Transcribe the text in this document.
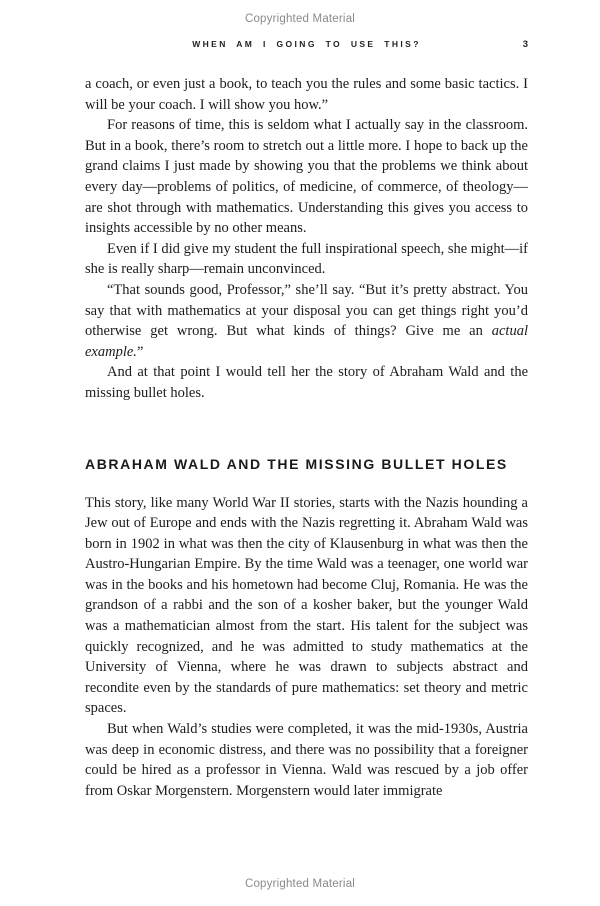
Copyrighted Material
WHEN AM I GOING TO USE THIS?	3

a coach, or even just a book, to teach you the rules and some basic tactics. I will be your coach. I will show you how.”

For reasons of time, this is seldom what I actually say in the classroom. But in a book, there’s room to stretch out a little more. I hope to back up the grand claims I just made by showing you that the problems we think about every day—problems of politics, of medicine, of commerce, of theology—are shot through with mathematics. Understanding this gives you access to insights accessible by no other means.

Even if I did give my student the full inspirational speech, she might—if she is really sharp—remain unconvinced.

“That sounds good, Professor,” she’ll say. “But it’s pretty abstract. You say that with mathematics at your disposal you can get things right you’d otherwise get wrong. But what kinds of things? Give me an actual example.”

And at that point I would tell her the story of Abraham Wald and the missing bullet holes.

ABRAHAM WALD AND THE MISSING BULLET HOLES

This story, like many World War II stories, starts with the Nazis hounding a Jew out of Europe and ends with the Nazis regretting it. Abraham Wald was born in 1902 in what was then the city of Klausenburg in what was then the Austro-Hungarian Empire. By the time Wald was a teenager, one world war was in the books and his hometown had become Cluj, Romania. He was the grandson of a rabbi and the son of a kosher baker, but the younger Wald was a mathematician almost from the start. His talent for the subject was quickly recognized, and he was admitted to study mathematics at the University of Vienna, where he was drawn to subjects abstract and recondite even by the standards of pure mathematics: set theory and metric spaces.

But when Wald’s studies were completed, it was the mid-1930s, Austria was deep in economic distress, and there was no possibility that a foreigner could be hired as a professor in Vienna. Wald was rescued by a job offer from Oskar Morgenstern. Morgenstern would later immigrate

Copyrighted Material
